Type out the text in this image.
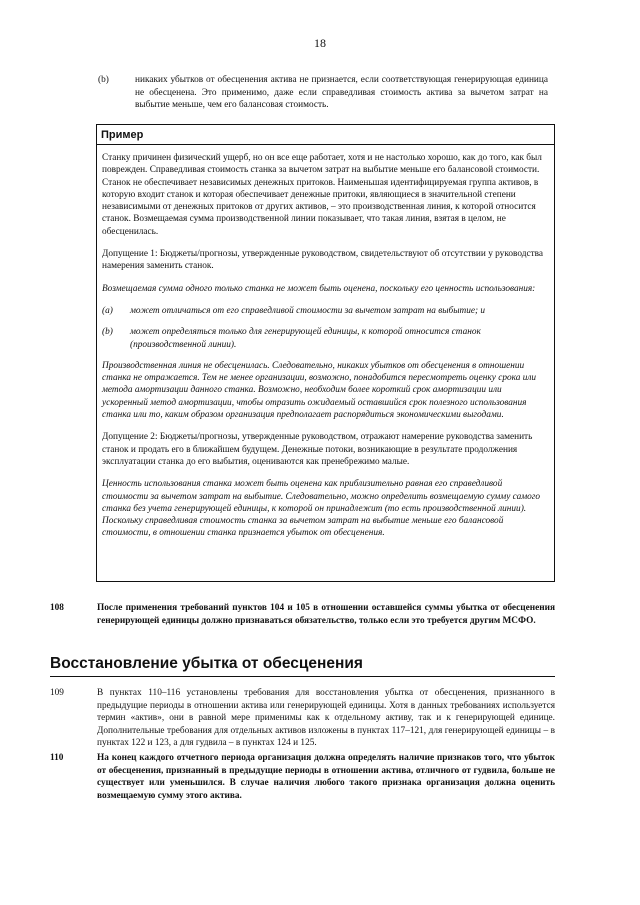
18
(b)	никаких убытков от обесценения актива не признается, если соответствующая генерирующая единица не обесценена. Это применимо, даже если справедливая стоимость актива за вычетом затрат на выбытие меньше, чем его балансовая стоимость.
Пример

Станку причинен физический ущерб, но он все еще работает, хотя и не настолько хорошо, как до того, как был поврежден. Справедливая стоимость станка за вычетом затрат на выбытие меньше его балансовой стоимости. Станок не обеспечивает независимых денежных притоков. Наименьшая идентифицируемая группа активов, в которую входит станок и которая обеспечивает денежные притоки, являющиеся в значительной степени независимыми от денежных притоков от других активов, – это производственная линия, к которой относится станок. Возмещаемая сумма производственной линии показывает, что такая линия, взятая в целом, не обесценилась.

Допущение 1: Бюджеты/прогнозы, утвержденные руководством, свидетельствуют об отсутствии у руководства намерения заменить станок.

Возмещаемая сумма одного только станка не может быть оценена, поскольку его ценность использования:

(a) может отличаться от его справедливой стоимости за вычетом затрат на выбытие; и
(b) может определяться только для генерирующей единицы, к которой относится станок (производственной линии).

Производственная линия не обесценилась. Следовательно, никаких убытков от обесценения в отношении станка не отражается. Тем не менее организации, возможно, понадобится пересмотреть оценку срока или метода амортизации данного станка. Возможно, необходим более короткий срок амортизации или ускоренный метод амортизации, чтобы отразить ожидаемый оставшийся срок полезного использования станка или то, каким образом организация предполагает распорядиться экономическими выгодами.

Допущение 2: Бюджеты/прогнозы, утвержденные руководством, отражают намерение руководства заменить станок и продать его в ближайшем будущем. Денежные потоки, возникающие в результате продолжения эксплуатации станка до его выбытия, оцениваются как пренебрежимо малые.

Ценность использования станка может быть оценена как приблизительно равная его справедливой стоимости за вычетом затрат на выбытие. Следовательно, можно определить возмещаемую сумму самого станка без учета генерирующей единицы, к которой он принадлежит (то есть производственной линии). Поскольку справедливая стоимость станка за вычетом затрат на выбытие меньше его балансовой стоимости, в отношении станка признается убыток от обесценения.

108	После применения требований пунктов 104 и 105 в отношении оставшейся суммы убытка от обесценения генерирующей единицы должно признаваться обязательство, только если это требуется другим МСФО.
Восстановление убытка от обесценения
109	В пунктах 110–116 установлены требования для восстановления убытка от обесценения, признанного в предыдущие периоды в отношении актива или генерирующей единицы. Хотя в данных требованиях используется термин «актив», они в равной мере применимы как к отдельному активу, так и к генерирующей единице. Дополнительные требования для отдельных активов изложены в пунктах 117–121, для генерирующей единицы – в пунктах 122 и 123, а для гудвила – в пунктах 124 и 125.
110	На конец каждого отчетного периода организация должна определять наличие признаков того, что убыток от обесценения, признанный в предыдущие периоды в отношении актива, отличного от гудвила, больше не существует или уменьшился. В случае наличия любого такого признака организация должна оценить возмещаемую сумму этого актива.
